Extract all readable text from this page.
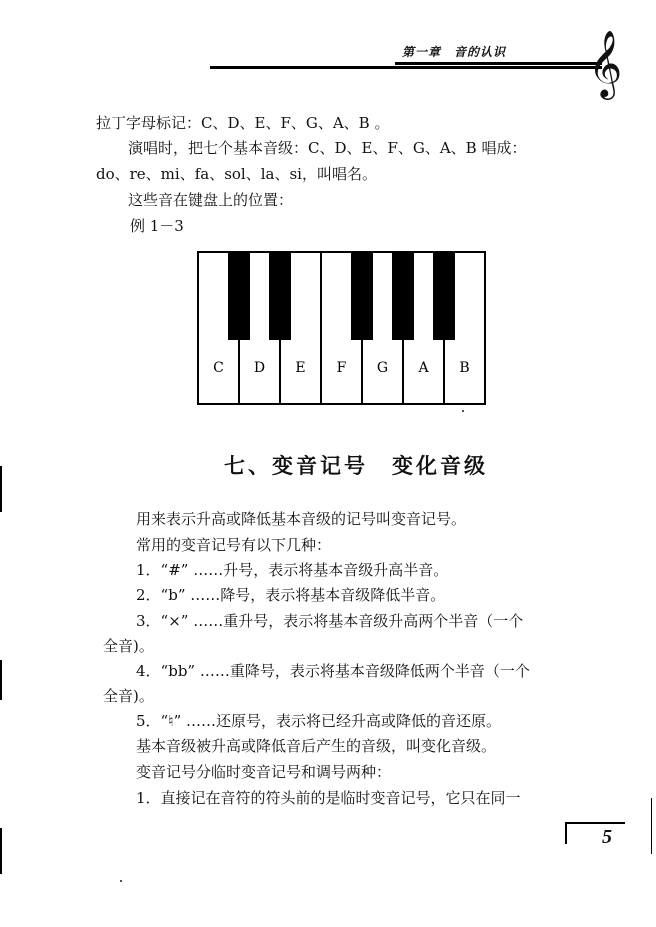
第一章　音的认识 𝄞
拉丁字母标记：C、D、E、F、G、A、B 。
演唱时，把七个基本音级：C、D、E、F、G、A、B 唱成：
do、re、mi、fa、sol、la、si，叫唱名。
这些音在键盘上的位置：
例 1－3
C D E F G A B
七、变音记号　变化音级
用来表示升高或降低基本音级的记号叫变音记号。
常用的变音记号有以下几种：
1．“#” ……升号，表示将基本音级升高半音。
2．“b” ……降号，表示将基本音级降低半音。
3．“×” ……重升号，表示将基本音级升高两个半音（一个
全音)。
4．“bb” ……重降号，表示将基本音级降低两个半音（一个
全音)。
5．“♮” ……还原号，表示将已经升高或降低的音还原。
基本音级被升高或降低音后产生的音级，叫变化音级。
变音记号分临时变音记号和调号两种：
1．直接记在音符的符头前的是临时变音记号，它只在同一
5
